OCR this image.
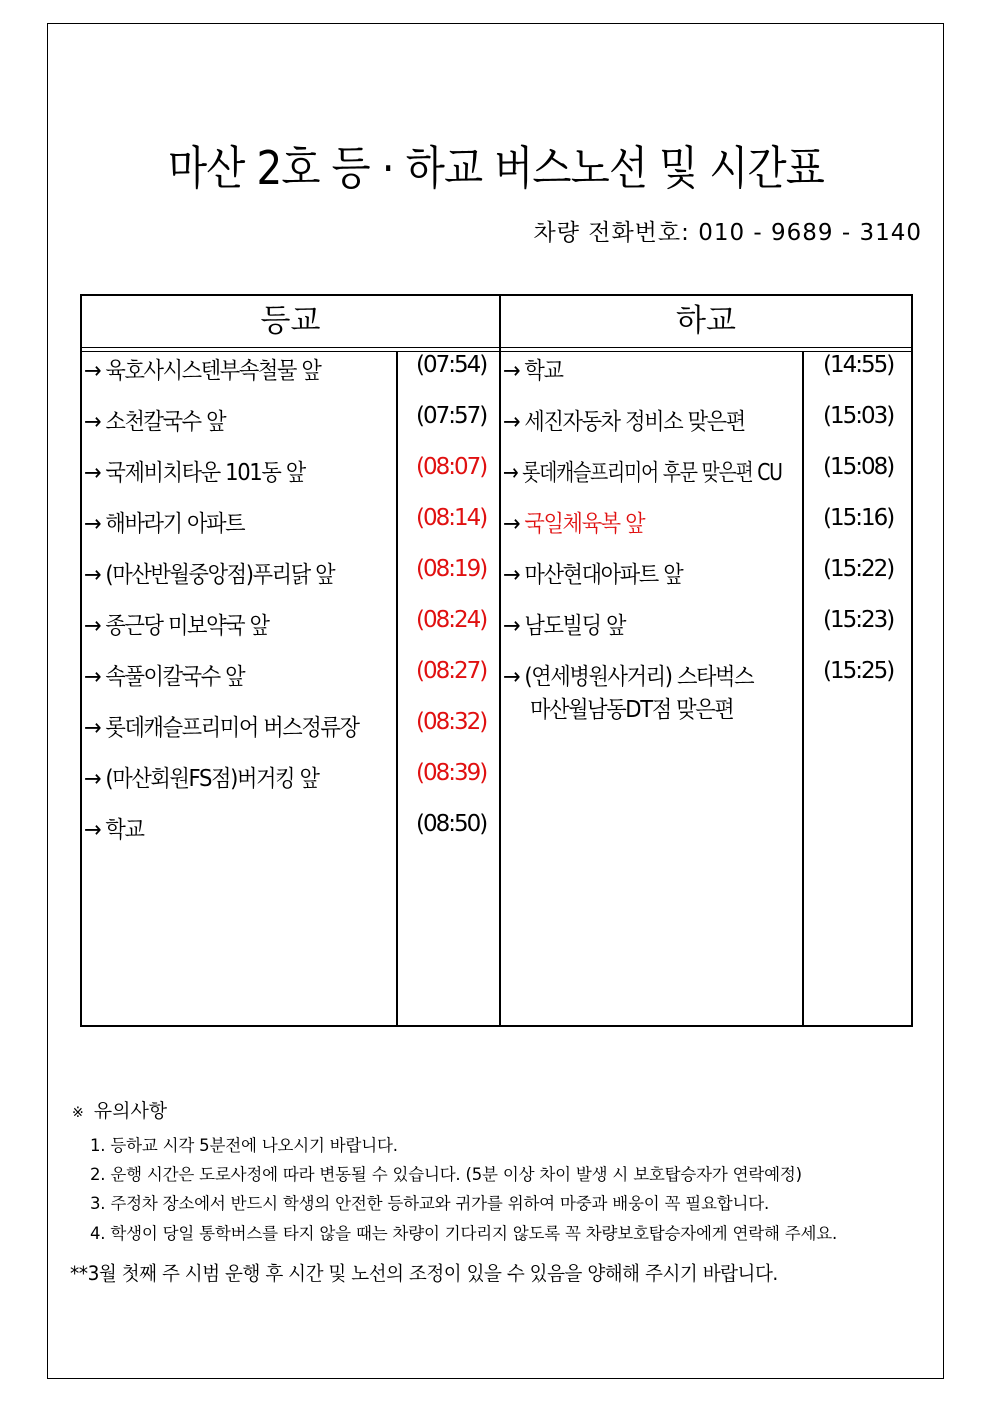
마산 2호 등 · 하교 버스노선 및 시간표
차량 전화번호: 010 - 9689 - 3140
등교	하교
→ 육호사시스텐부속철물 앞	(07:54)
→ 소천칼국수 앞	(07:57)
→ 국제비치타운 101동 앞	(08:07)
→ 해바라기 아파트	(08:14)
→ (마산반월중앙점)푸리닭 앞	(08:19)
→ 종근당 미보약국 앞	(08:24)
→ 속풀이칼국수 앞	(08:27)
→ 롯데캐슬프리미어 버스정류장 (08:32)
→ (마산회원FS점)버거킹 앞	(08:39)
→ 학교	(08:50)
→ 학교	(14:55)
→ 세진자동차 정비소 맞은편	(15:03)
→ 롯데캐슬프리미어 후문 맞은편 CU (15:08)
→ 국일체육복 앞	(15:16)
→ 마산현대아파트 앞	(15:22)
→ 남도빌딩 앞	(15:23)
→ (연세병원사거리) 스타벅스
마산월남동DT점 맞은편
(15:25)
※ 유의사항
1. 등하교 시각 5분전에 나오시기 바랍니다.
2. 운행 시간은 도로사정에 따라 변동될 수 있습니다. (5분 이상 차이 발생 시 보호탑승자가 연락예정)
3. 주정차 장소에서 반드시 학생의 안전한 등하교와 귀가를 위하여 마중과 배웅이 꼭 필요합니다.
4. 학생이 당일 통학버스를 타지 않을 때는 차량이 기다리지 않도록 꼭 차량보호탑승자에게 연락해 주세요.
**3월 첫째 주 시범 운행 후 시간 및 노선의 조정이 있을 수 있음을 양해해 주시기 바랍니다.
